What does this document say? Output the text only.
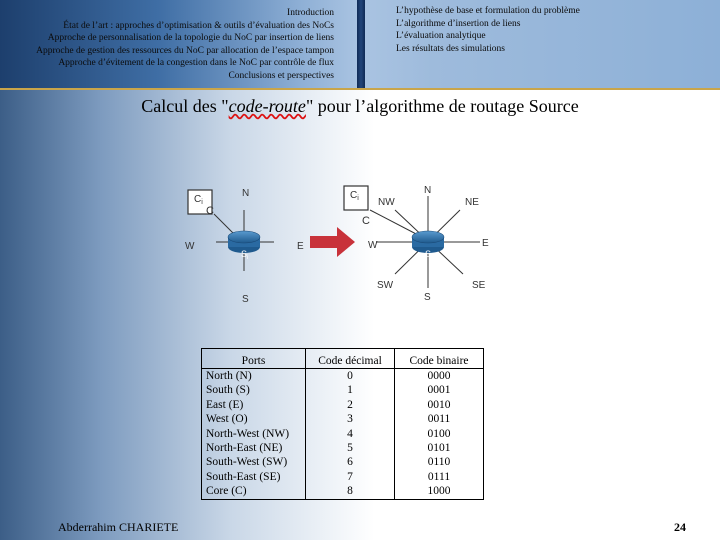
Introduction
État de l’art : approches d’optimisation & outils d’évaluation des NoCs
Approche de personnalisation de la topologie du NoC par insertion de liens
Approche de gestion des ressources du NoC par allocation de l’espace tampon
Approche d’évitement de la congestion dans le NoC par contrôle de flux
Conclusions et perspectives
L’hypothèse de base et formulation du problème
L’algorithme d’insertion de liens
L’évaluation analytique
Les résultats des simulations
Calcul des "code-route" pour l’algorithme de routage Source
$C_i$
$S_i$
C
N
S
E
W
$C_i$
$S_i$
C
N
S
E
W
NW	NE
SW	SE
Ports	Code décimal	Code binaire
North (N)	0	0000
South (S)	1	0001
East (E)	2	0010
West (O)	3	0011
North-West (NW)	4	0100
North-East (NE)	5	0101
South-West (SW)	6	0110
South-East (SE)	7	0111
Core (C)	8	1000
Abderrahim CHARIETE	24
